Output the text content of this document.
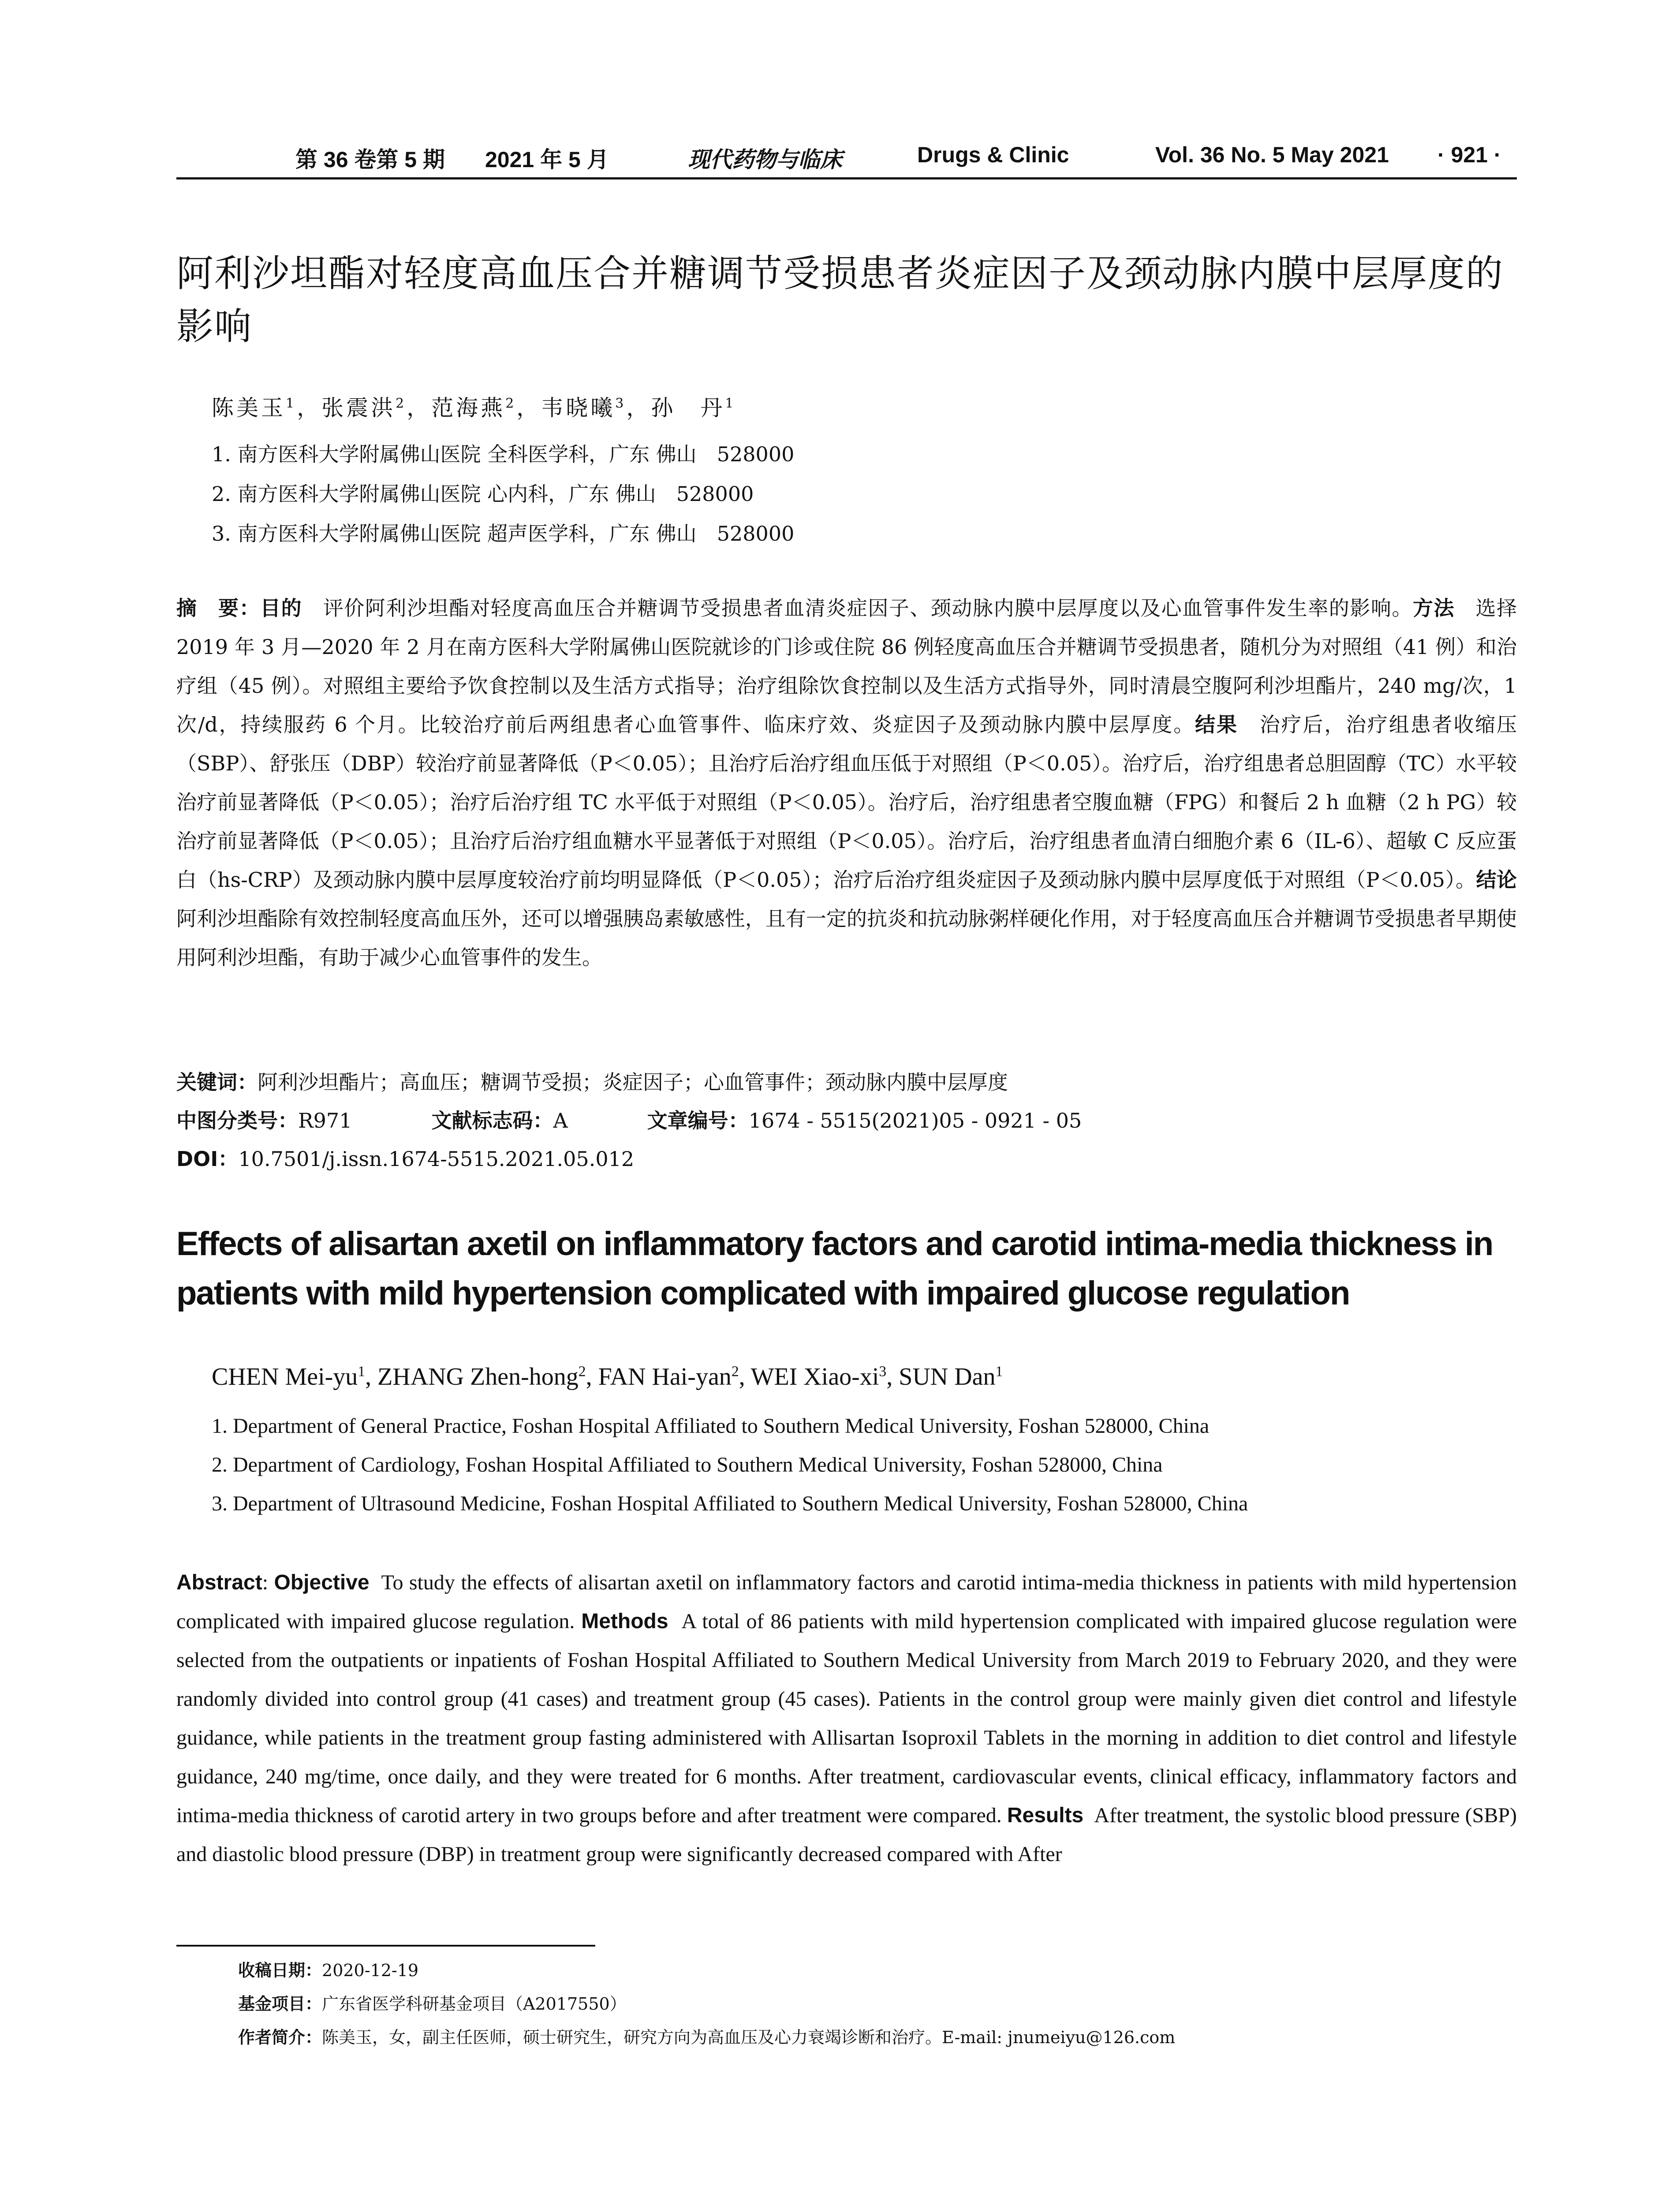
第 36 卷第 5 期 2021 年 5 月	现代药物与临床	Drugs & Clinic	Vol. 36 No. 5 May 2021 · 921 ·
阿利沙坦酯对轻度高血压合并糖调节受损患者炎症因子及颈动脉内膜中层厚度的影响
陈美玉$^1$，张震洪$^2$，范海燕$^2$，韦晓曦$^3$，孙　丹$^1$
1. 南方医科大学附属佛山医院 全科医学科，广东 佛山　528000
2. 南方医科大学附属佛山医院 心内科，广东 佛山　528000
3. 南方医科大学附属佛山医院 超声医学科，广东 佛山　528000
摘　要：目的　 评价阿利沙坦酯对轻度高血压合并糖调节受损患者血清炎症因子、颈动脉内膜中层厚度以及心血管事件发生率的影响。方法　 选择 2019 年 3 月—2020 年 2 月在南方医科大学附属佛山医院就诊的门诊或住院 86 例轻度高血压合并糖调节受损患者，随机分为对照组（41 例）和治疗组（45 例）。对照组主要给予饮食控制以及生活方式指导；治疗组除饮食控制以及生活方式指导外，同时清晨空腹阿利沙坦酯片，240 mg/次，1 次/d，持续服药 6 个月。比较治疗前后两组患者心血管事件、临床疗效、炎症因子及颈动脉内膜中层厚度。结果　 治疗后，治疗组患者收缩压（SBP）、舒张压（DBP）较治疗前显著降低（P＜0.05）；且治疗后治疗组血压低于对照组（P＜0.05）。治疗后，治疗组患者总胆固醇（TC）水平较治疗前显著降低（P＜0.05）；治疗后治疗组 TC 水平低于对照组（P＜0.05）。治疗后，治疗组患者空腹血糖（FPG）和餐后 2 h 血糖（2 h PG）较治疗前显著降低（P＜0.05）；且治疗后治疗组血糖水平显著低于对照组（P＜0.05）。治疗后，治疗组患者血清白细胞介素 6（IL-6）、超敏 C 反应蛋白（hs-CRP）及颈动脉内膜中层厚度较治疗前均明显降低（P＜0.05）；治疗后治疗组炎症因子及颈动脉内膜中层厚度低于对照组（P＜0.05）。结论　阿利沙坦酯除有效控制轻度高血压外，还可以增强胰岛素敏感性，且有一定的抗炎和抗动脉粥样硬化作用，对于轻度高血压合并糖调节受损患者早期使用阿利沙坦酯，有助于减少心血管事件的发生。
关键词：阿利沙坦酯片；高血压；糖调节受损；炎症因子；心血管事件；颈动脉内膜中层厚度
中图分类号：R971	文献标志码：A	文章编号：1674 - 5515(2021)05 - 0921 - 05
DOI：10.7501/j.issn.1674-5515.2021.05.012
Effects of alisartan axetil on inflammatory factors and carotid intima-media thickness in patients with mild hypertension complicated with impaired glucose regulation
CHEN Mei-$yu^1$, ZHANG Zhen-hong$^2$, FAN Hai-yan$^2$, WEI Xiao-$xi^3$, SUN Dan$^1$
1. Department of General Practice, Foshan Hospital Affiliated to Southern Medical University, Foshan 528000, China
2. Department of Cardiology, Foshan Hospital Affiliated to Southern Medical University, Foshan 528000, China
3. Department of Ultrasound Medicine, Foshan Hospital Affiliated to Southern Medical University, Foshan 528000, China
Abstract: Objective To study the effects of alisartan axetil on inflammatory factors and carotid intima-media thickness in patients with mild hypertension complicated with impaired glucose regulation. Methods A total of 86 patients with mild hypertension complicated with impaired glucose regulation were selected from the outpatients or inpatients of Foshan Hospital Affiliated to Southern Medical University from March 2019 to February 2020, and they were randomly divided into control group (41 cases) and treatment group (45 cases). Patients in the control group were mainly given diet control and lifestyle guidance, while patients in the treatment group fasting administered with Allisartan Isoproxil Tablets in the morning in addition to diet control and lifestyle guidance, 240 mg/time, once daily, and they were treated for 6 months. After treatment, cardiovascular events, clinical efficacy, inflammatory factors and intima-media thickness of carotid artery in two groups before and after treatment were compared. Results After treatment, the systolic blood pressure (SBP) and diastolic blood pressure (DBP) in treatment group were significantly decreased compared with After
收稿日期：2020-12-19
基金项目：广东省医学科研基金项目（A2017550）
作者简介：陈美玉，女，副主任医师，硕士研究生，研究方向为高血压及心力衰竭诊断和治疗。E-mail: jnumeiyu@126.com
